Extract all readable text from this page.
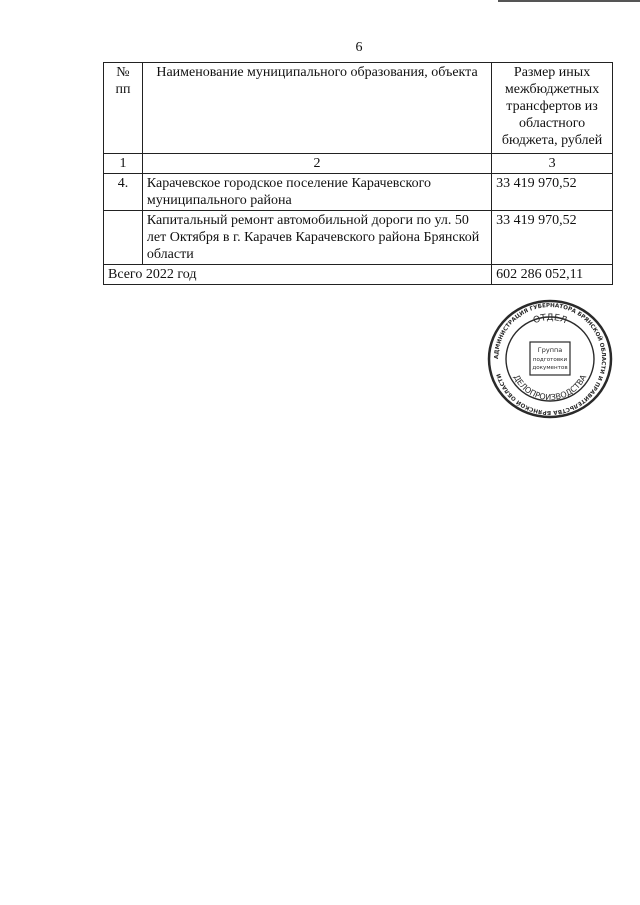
6
№ пп	Наименование муниципального образования, объекта	Размер иных межбюджетных трансфертов из областного бюджета, рублей
1	2	3
4.	Карачевское городское поселение Карачевского муниципального района	33 419 970,52
	Капитальный ремонт автомобильной дороги по ул. 50 лет Октября в г. Карачев Карачевского района Брянской области	33 419 970,52
Всего 2022 год		602 286 052,11
АДМИНИСТРАЦИЯ ГУБЕРНАТОРА БРЯНСКОЙ ОБЛАСТИ И ПРАВИТЕЛЬСТВА БРЯНСКОЙ ОБЛАСТИ
ОТДЕЛ
ДЕЛОПРОИЗВОДСТВА
Группа
подготовки
документов
